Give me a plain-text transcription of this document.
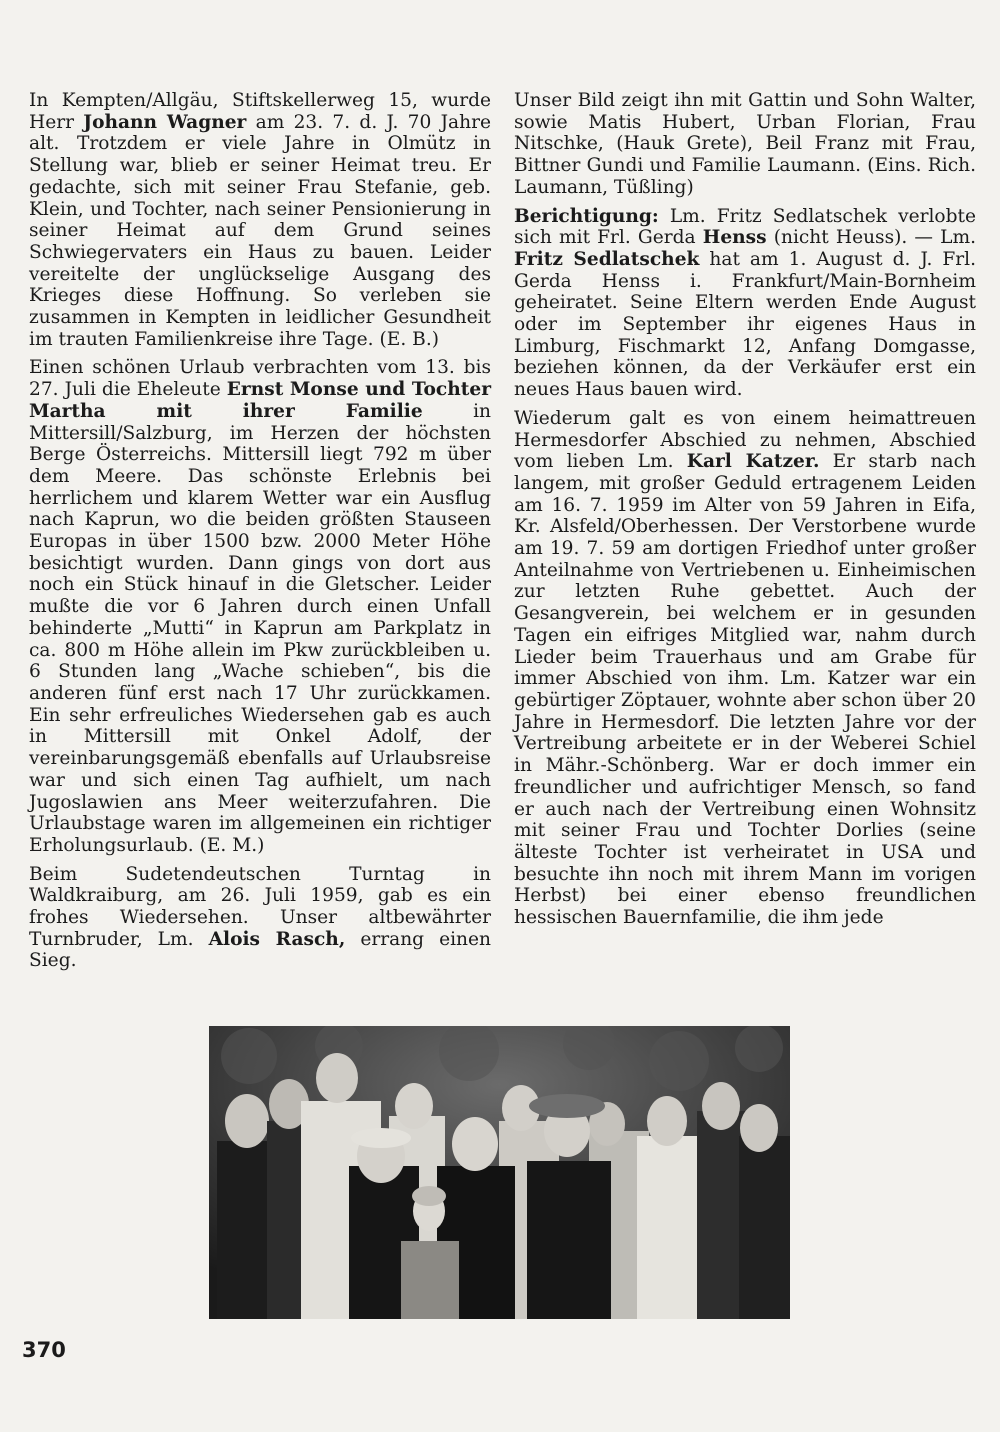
In Kempten/Allgäu, Stiftskellerweg 15, wurde Herr Johann Wagner am 23. 7. d. J. 70 Jahre alt. Trotzdem er viele Jahre in Olmütz in Stellung war, blieb er seiner Heimat treu. Er gedachte, sich mit seiner Frau Stefanie, geb. Klein, und Tochter, nach seiner Pensionierung in seiner Heimat auf dem Grund seines Schwiegervaters ein Haus zu bauen. Leider vereitelte der unglückselige Ausgang des Krieges diese Hoffnung. So verleben sie zusammen in Kempten in leidlicher Gesundheit im trauten Familienkreise ihre Tage. (E. B.)

Einen schönen Urlaub verbrachten vom 13. bis 27. Juli die Eheleute Ernst Monse und Tochter Martha mit ihrer Familie in Mittersill/Salzburg, im Herzen der höchsten Berge Österreichs. Mittersill liegt 792 m über dem Meere. Das schönste Erlebnis bei herrlichem und klarem Wetter war ein Ausflug nach Kaprun, wo die beiden größten Stauseen Europas in über 1500 bzw. 2000 Meter Höhe besichtigt wurden. Dann gings von dort aus noch ein Stück hinauf in die Gletscher. Leider mußte die vor 6 Jahren durch einen Unfall behinderte „Mutti“ in Kaprun am Parkplatz in ca. 800 m Höhe allein im Pkw zurückbleiben u. 6 Stunden lang „Wache schieben“, bis die anderen fünf erst nach 17 Uhr zurückkamen. Ein sehr erfreuliches Wiedersehen gab es auch in Mittersill mit Onkel Adolf, der vereinbarungsgemäß ebenfalls auf Urlaubsreise war und sich einen Tag aufhielt, um nach Jugoslawien ans Meer weiterzufahren. Die Urlaubstage waren im allgemeinen ein richtiger Erholungsurlaub. (E. M.)

Beim Sudetendeutschen Turntag in Waldkraiburg, am 26. Juli 1959, gab es ein frohes Wiedersehen. Unser altbewährter Turnbruder, Lm. Alois Rasch, errang einen Sieg.

Unser Bild zeigt ihn mit Gattin und Sohn Walter, sowie Matis Hubert, Urban Florian, Frau Nitschke, (Hauk Grete), Beil Franz mit Frau, Bittner Gundi und Familie Laumann. (Eins. Rich. Laumann, Tüßling)

Berichtigung: Lm. Fritz Sedlatschek verlobte sich mit Frl. Gerda Henss (nicht Heuss). — Lm. Fritz Sedlatschek hat am 1. August d. J. Frl. Gerda Henss i. Frankfurt/Main-Bornheim geheiratet. Seine Eltern werden Ende August oder im September ihr eigenes Haus in Limburg, Fischmarkt 12, Anfang Domgasse, beziehen können, da der Verkäufer erst ein neues Haus bauen wird.

Wiederum galt es von einem heimattreuen Hermesdorfer Abschied zu nehmen, Abschied vom lieben Lm. Karl Katzer. Er starb nach langem, mit großer Geduld ertragenem Leiden am 16. 7. 1959 im Alter von 59 Jahren in Eifa, Kr. Alsfeld/Oberhessen. Der Verstorbene wurde am 19. 7. 59 am dortigen Friedhof unter großer Anteilnahme von Vertriebenen u. Einheimischen zur letzten Ruhe gebettet. Auch der Gesangverein, bei welchem er in gesunden Tagen ein eifriges Mitglied war, nahm durch Lieder beim Trauerhaus und am Grabe für immer Abschied von ihm. Lm. Katzer war ein gebürtiger Zöptauer, wohnte aber schon über 20 Jahre in Hermesdorf. Die letzten Jahre vor der Vertreibung arbeitete er in der Weberei Schiel in Mähr.-Schönberg. War er doch immer ein freundlicher und aufrichtiger Mensch, so fand er auch nach der Vertreibung einen Wohnsitz mit seiner Frau und Tochter Dorlies (seine älteste Tochter ist verheiratet in USA und besuchte ihn noch mit ihrem Mann im vorigen Herbst) bei einer ebenso freundlichen hessischen Bauernfamilie, die ihm jede

370
